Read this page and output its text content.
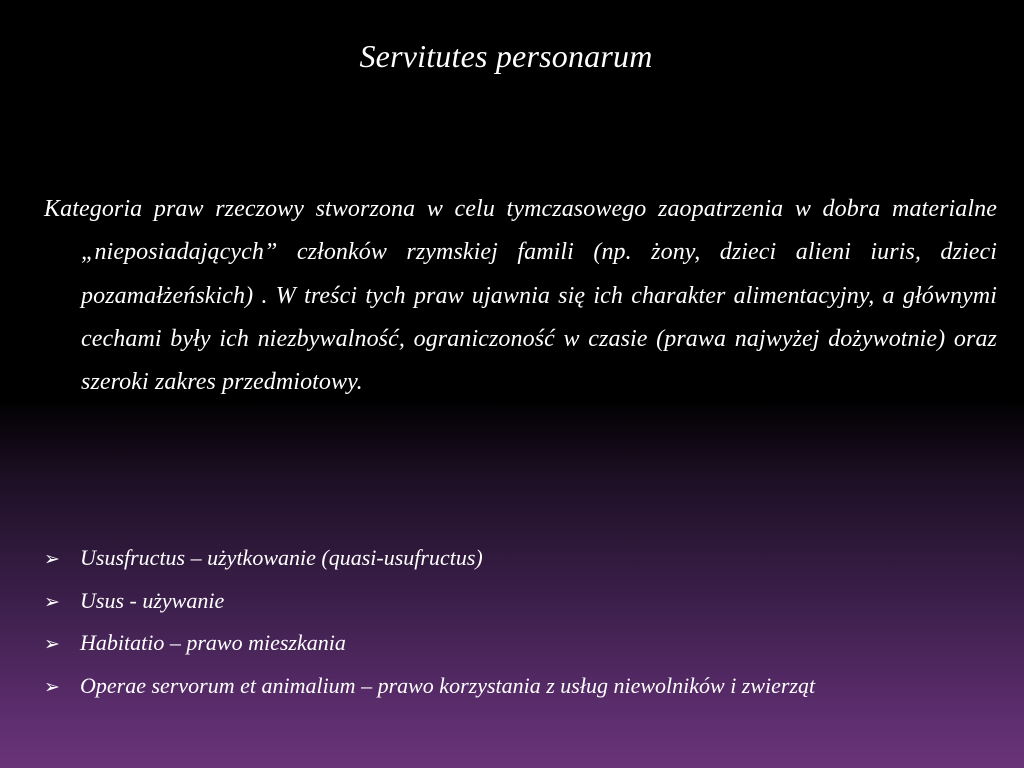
Servitutes personarum

Kategoria praw rzeczowy stworzona w celu tymczasowego zaopatrzenia w dobra materialne „nieposiadających” członków rzymskiej famili (np. żony, dzieci alieni iuris, dzieci pozamałżeńskich) . W treści tych praw ujawnia się ich charakter alimentacyjny, a głównymi cechami były ich niezbywalność, ograniczoność w czasie (prawa najwyżej dożywotnie) oraz szeroki zakres przedmiotowy.

➢ Ususfructus – użytkowanie (quasi-usufructus)
➢ Usus - używanie
➢ Habitatio – prawo mieszkania
➢ Operae servorum et animalium – prawo korzystania z usług niewolników i zwierząt
